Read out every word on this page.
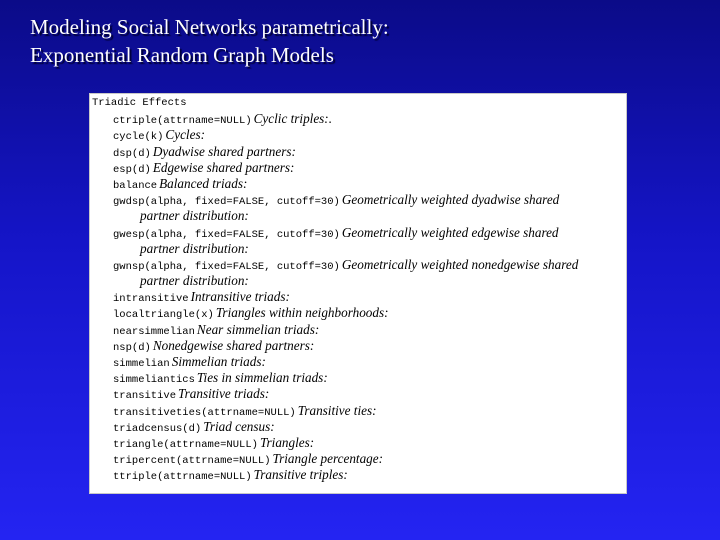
Modeling Social Networks parametrically:
Exponential Random Graph Models
Triadic Effects
ctriple(attrname=NULL) Cyclic triples:.
cycle(k) Cycles:
dsp(d) Dyadwise shared partners:
esp(d) Edgewise shared partners:
balance Balanced triads:
gwdsp(alpha, fixed=FALSE, cutoff=30) Geometrically weighted dyadwise shared
partner distribution:
gwesp(alpha, fixed=FALSE, cutoff=30) Geometrically weighted edgewise shared
partner distribution:
gwnsp(alpha, fixed=FALSE, cutoff=30) Geometrically weighted nonedgewise shared
partner distribution:
intransitive Intransitive triads:
localtriangle(x) Triangles within neighborhoods:
nearsimmelian Near simmelian triads:
nsp(d) Nonedgewise shared partners:
simmelian Simmelian triads:
simmeliantics Ties in simmelian triads:
transitive Transitive triads:
transitiveties(attrname=NULL) Transitive ties:
triadcensus(d) Triad census:
triangle(attrname=NULL) Triangles:
tripercent(attrname=NULL) Triangle percentage:
ttriple(attrname=NULL) Transitive triples:
